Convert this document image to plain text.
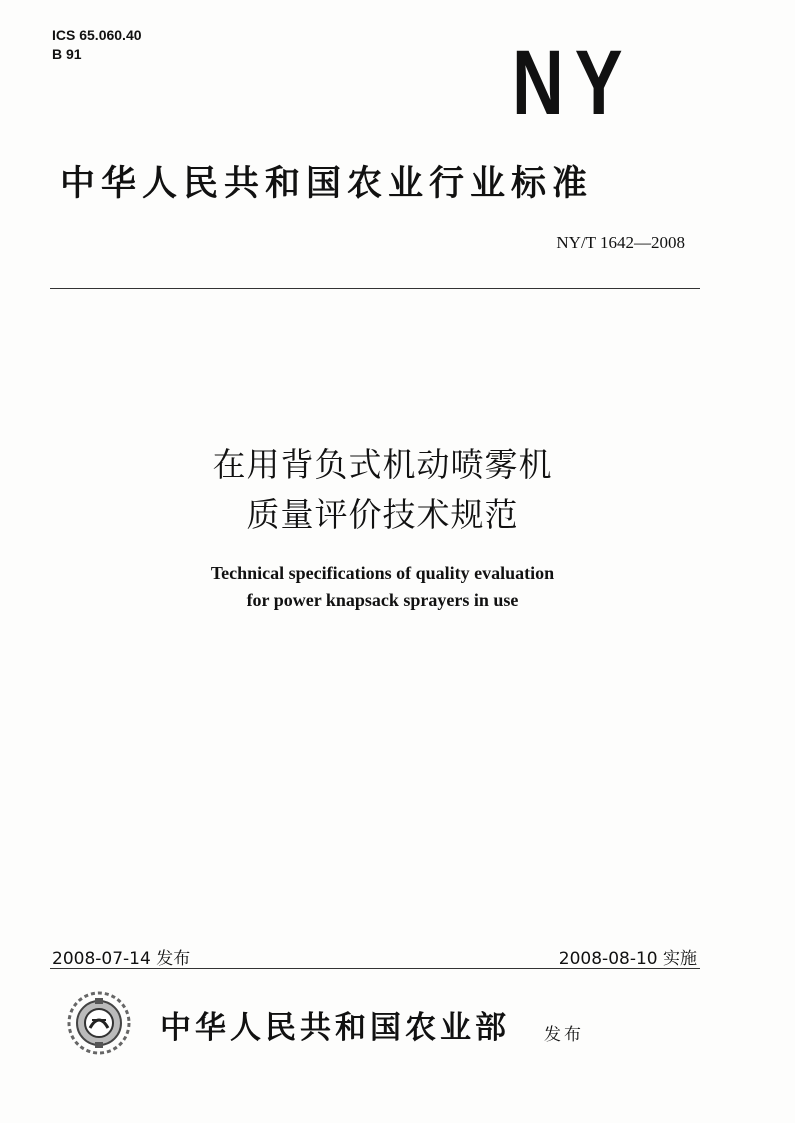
ICS 65.060.40
B 91	NY
中华人民共和国农业行业标准
NY/T 1642—2008
在用背负式机动喷雾机
质量评价技术规范
Technical specifications of quality evaluation
for power knapsack sprayers in use
2008-07-14 发布	2008-08-10 实施
中华人民共和国农业部 发布
